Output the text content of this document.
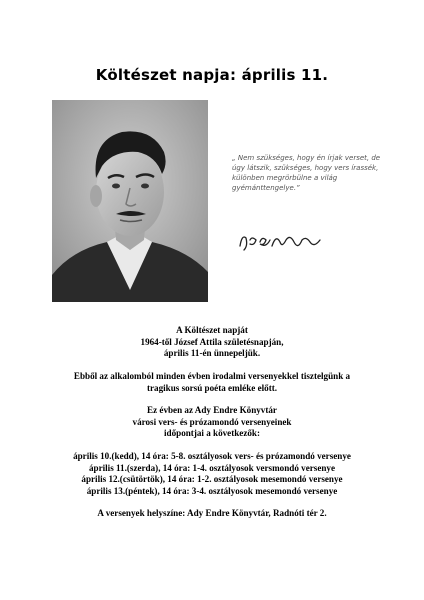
Költészet napja: április 11.
„ Nem szükséges, hogy én írjak verset, de úgy látszik, szükséges, hogy vers írassék, különben megrörbülne a világ gyémánttengelye.”

A Költészet napját

1964-től József Attila születésnapján,

április 11-én ünnepeljük.

Ebből az alkalomból minden évben irodalmi versenyekkel tisztelgünk a

tragikus sorsú poéta emléke előtt.

Ez évben az Ady Endre Könyvtár

városi vers- és prózamondó versenyeinek

időpontjai a következők:

április 10.(kedd), 14 óra: 5-8. osztályosok vers- és prózamondó versenye

április 11.(szerda), 14 óra: 1-4. osztályosok versmondó versenye

április 12.(csütörtök), 14 óra: 1-2. osztályosok mesemondó versenye

április 13.(péntek), 14 óra: 3-4. osztályosok mesemondó versenye

A versenyek helyszíne: Ady Endre Könyvtár, Radnóti tér 2.
